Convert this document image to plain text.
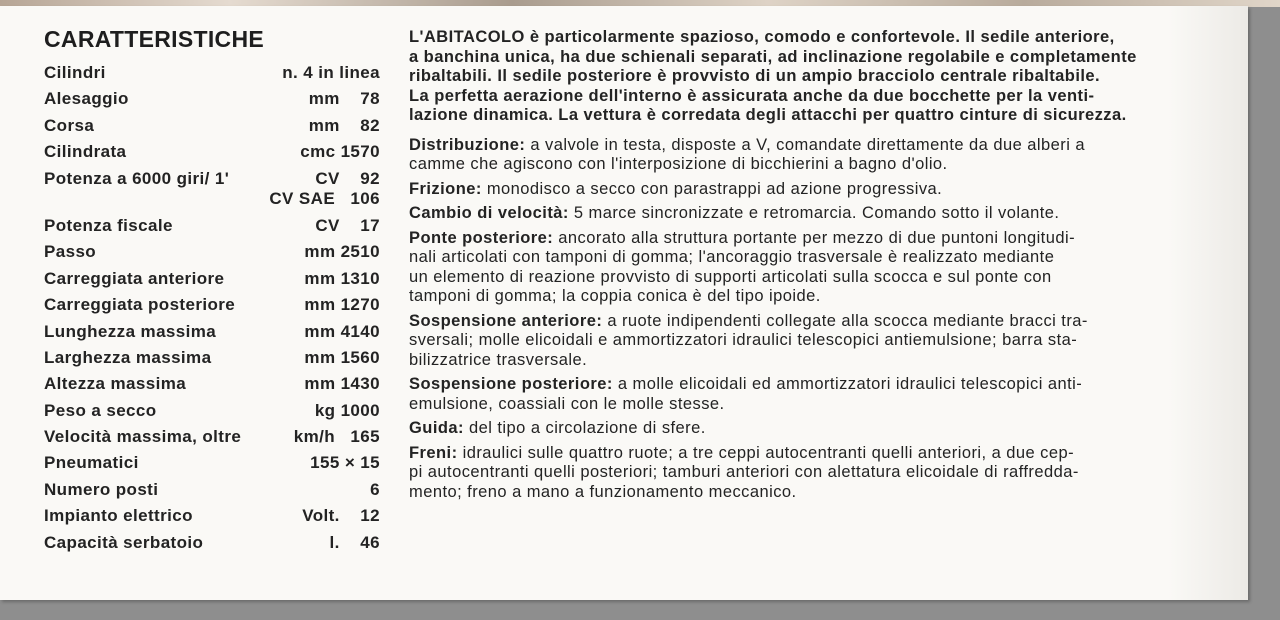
CARATTERISTICHE
Cilindri	n. 4 in linea
Alesaggio	mm    78
Corsa	mm    82
Cilindrata	cmc 1570
Potenza a 6000 giri/ 1'	CV    92
CV SAE   106
Potenza fiscale	CV    17
Passo	mm 2510
Carreggiata anteriore	mm 1310
Carreggiata posteriore	mm 1270
Lunghezza massima	mm 4140
Larghezza massima	mm 1560
Altezza massima	mm 1430
Peso a secco	kg 1000
Velocità massima, oltre	km/h   165
Pneumatici	155 × 15
Numero posti	6
Impianto elettrico	Volt.    12
Capacità serbatoio	l.    46
L'ABITACOLO è particolarmente spazioso, comodo e confortevole. Il sedile anteriore,
a banchina unica, ha due schienali separati, ad inclinazione regolabile e completamente
ribaltabili. Il sedile posteriore è provvisto di un ampio bracciolo centrale ribaltabile.
La perfetta aerazione dell'interno è assicurata anche da due bocchette per la venti-
lazione dinamica. La vettura è corredata degli attacchi per quattro cinture di sicurezza.
Distribuzione: a valvole in testa, disposte a V, comandate direttamente da due alberi a
camme che agiscono con l'interposizione di bicchierini a bagno d'olio.
Frizione: monodisco a secco con parastrappi ad azione progressiva.
Cambio di velocità: 5 marce sincronizzate e retromarcia. Comando sotto il volante.
Ponte posteriore: ancorato alla struttura portante per mezzo di due puntoni longitudi-
nali articolati con tamponi di gomma; l'ancoraggio trasversale è realizzato mediante
un elemento di reazione provvisto di supporti articolati sulla scocca e sul ponte con
tamponi di gomma; la coppia conica è del tipo ipoide.
Sospensione anteriore: a ruote indipendenti collegate alla scocca mediante bracci tra-
sversali; molle elicoidali e ammortizzatori idraulici telescopici antiemulsione; barra sta-
bilizzatrice trasversale.
Sospensione posteriore: a molle elicoidali ed ammortizzatori idraulici telescopici anti-
emulsione, coassiali con le molle stesse.
Guida: del tipo a circolazione di sfere.
Freni: idraulici sulle quattro ruote; a tre ceppi autocentranti quelli anteriori, a due cep-
pi autocentranti quelli posteriori; tamburi anteriori con alettatura elicoidale di raffredda-
mento; freno a mano a funzionamento meccanico.
